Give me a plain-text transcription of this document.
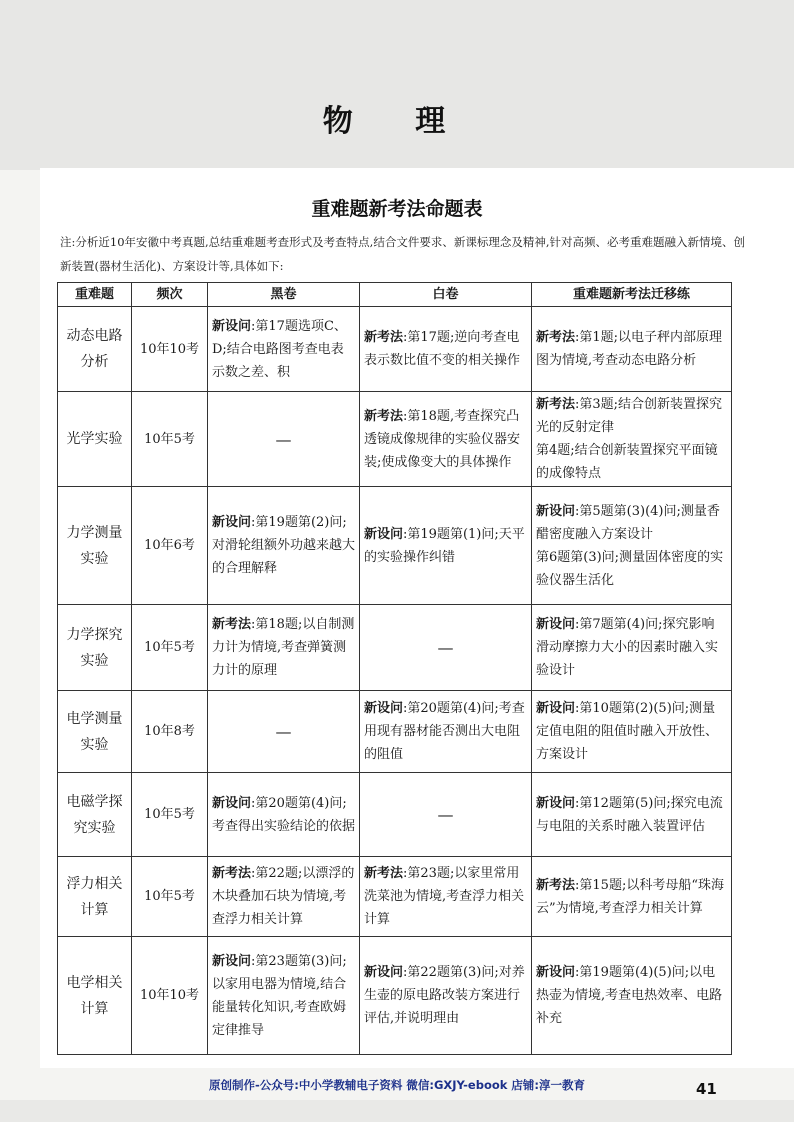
物 理
重难题新考法命题表
注:分析近10年安徽中考真题,总结重难题考查形式及考查特点,结合文件要求、新课标理念及精神,针对高频、必考重难题融入新情境、创新装置(器材生活化)、方案设计等,具体如下:
重难题	频次	黑卷	白卷	重难题新考法迁移练
动态电路分析	10年10考	新设问:第17题选项C、D;结合电路图考查电表示数之差、积	新考法:第17题;逆向考查电表示数比值不变的相关操作	新考法:第1题;以电子秤内部原理图为情境,考查动态电路分析

光学实验	10年5考	—	新考法:第18题,考查探究凸透镜成像规律的实验仪器安装;使成像变大的具体操作	新考法:第3题;结合创新装置探究光的反射定律
第4题;结合创新装置探究平面镜的成像特点

力学测量实验	10年6考	新设问:第19题第(2)问;对滑轮组额外功越来越大的合理解释	新设问:第19题第(1)问;天平的实验操作纠错	新设问:第5题第(3)(4)问;测量香醋密度融入方案设计
第6题第(3)问;测量固体密度的实验仪器生活化

力学探究实验	10年5考	新考法:第18题;以自制测力计为情境,考查弹簧测力计的原理	—	新设问:第7题第(4)问;探究影响滑动摩擦力大小的因素时融入实验设计

电学测量实验	10年8考	—	新设问:第20题第(4)问;考查用现有器材能否测出大电阻的阻值	新设问:第10题第(2)(5)问;测量定值电阻的阻值时融入开放性、方案设计

电磁学探究实验	10年5考	新设问:第20题第(4)问;考查得出实验结论的依据	—	新设问:第12题第(5)问;探究电流与电阻的关系时融入装置评估

浮力相关计算	10年5考	新考法:第22题;以漂浮的木块叠加石块为情境,考查浮力相关计算	新考法:第23题;以家里常用洗菜池为情境,考查浮力相关计算	新考法:第15题;以科考母船“珠海云”为情境,考查浮力相关计算

电学相关计算	10年10考	新设问:第23题第(3)问;以家用电器为情境,结合能量转化知识,考查欧姆定律推导	新设问:第22题第(3)问;对养生壶的原电路改装方案进行评估,并说明理由	新设问:第19题第(4)(5)问;以电热壶为情境,考查电热效率、电路补充
原创制作-公众号:中小学教辅电子资料 微信:GXJY-ebook 店铺:淳一教育	41
